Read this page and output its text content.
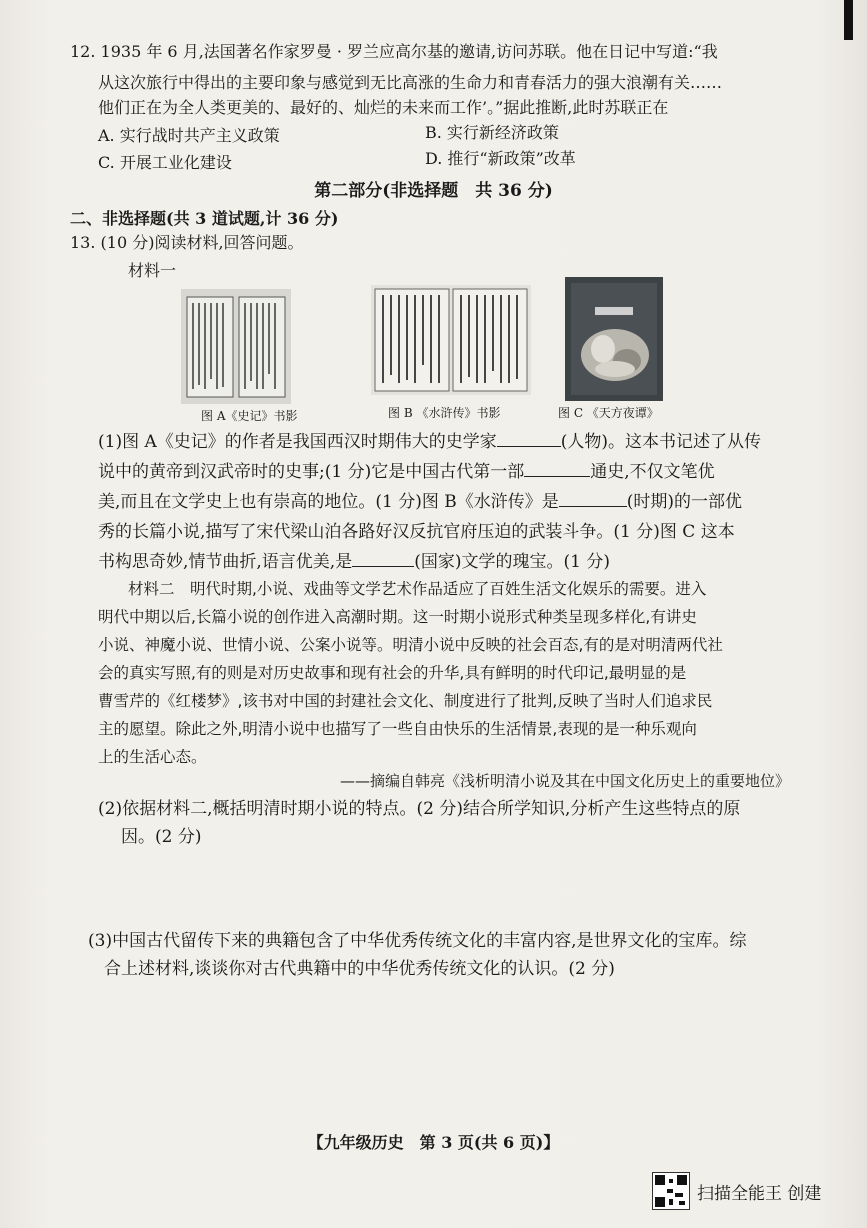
12. 1935 年 6 月,法国著名作家罗曼 · 罗兰应高尔基的邀请,访问苏联。他在日记中写道:“我
从这次旅行中得出的主要印象与感觉到无比高涨的生命力和青春活力的强大浪潮有关……
他们正在为全人类更美的、最好的、灿烂的未来而工作’。”据此推断,此时苏联正在
A. 实行战时共产主义政策	B. 实行新经济政策
C. 开展工业化建设	D. 推行“新政策”改革
第二部分(非选择题　共 36 分)
二、非选择题(共 3 道试题,计 36 分)
13. (10 分)阅读材料,回答问题。
材料一
图 A《史记》书影	图 B 《水浒传》书影	图 C 《天方夜谭》
(1)图 A《史记》的作者是我国西汉时期伟大的史学家	(人物)。这本书记述了从传
说中的黄帝到汉武帝时的史事;(1 分)它是中国古代第一部	通史,不仅文笔优
美,而且在文学史上也有崇高的地位。(1 分)图 B《水浒传》是	(时期)的一部优
秀的长篇小说,描写了宋代梁山泊各路好汉反抗官府压迫的武装斗争。(1 分)图 C 这本
书构思奇妙,情节曲折,语言优美,是	(国家)文学的瑰宝。(1 分)
材料二　明代时期,小说、戏曲等文学艺术作品适应了百姓生活文化娱乐的需要。进入
明代中期以后,长篇小说的创作进入高潮时期。这一时期小说形式种类呈现多样化,有讲史
小说、神魔小说、世情小说、公案小说等。明清小说中反映的社会百态,有的是对明清两代社
会的真实写照,有的则是对历史故事和现有社会的升华,具有鲜明的时代印记,最明显的是
曹雪芹的《红楼梦》,该书对中国的封建社会文化、制度进行了批判,反映了当时人们追求民
主的愿望。除此之外,明清小说中也描写了一些自由快乐的生活情景,表现的是一种乐观向
上的生活心态。
——摘编自韩亮《浅析明清小说及其在中国文化历史上的重要地位》
(2)依据材料二,概括明清时期小说的特点。(2 分)结合所学知识,分析产生这些特点的原
因。(2 分)
(3)中国古代留传下来的典籍包含了中华优秀传统文化的丰富内容,是世界文化的宝库。综
合上述材料,谈谈你对古代典籍中的中华优秀传统文化的认识。(2 分)
【九年级历史　第 3 页(共 6 页)】
扫描全能王 创建
